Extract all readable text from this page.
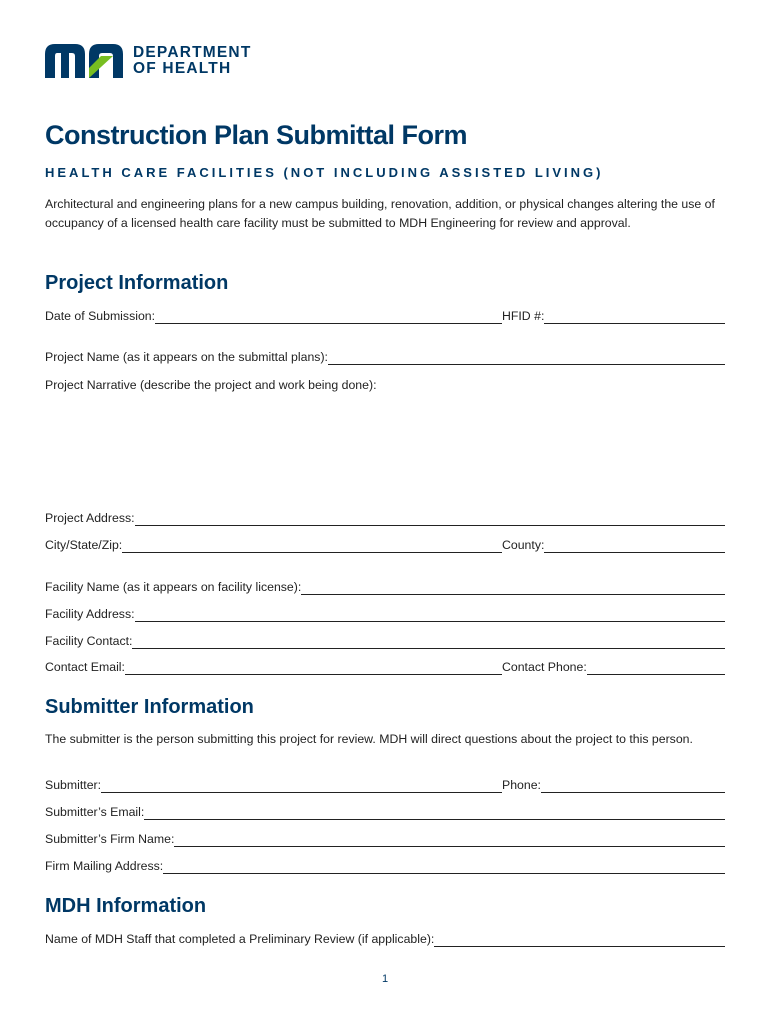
DEPARTMENT
OF HEALTH
Construction Plan Submittal Form
HEALTH CARE FACILITIES (NOT INCLUDING ASSISTED LIVING)
Architectural and engineering plans for a new campus building, renovation, addition, or physical changes altering the use of occupancy of a licensed health care facility must be submitted to MDH Engineering for review and approval.
Project Information
Date of Submission:	HFID #:
Project Name (as it appears on the submittal plans):
Project Narrative (describe the project and work being done):
Project Address:
City/State/Zip:	County:
Facility Name (as it appears on facility license):
Facility Address:
Facility Contact:
Contact Email:	Contact Phone:
Submitter Information
The submitter is the person submitting this project for review. MDH will direct questions about the project to this person.
Submitter:	Phone:
Submitter’s Email:
Submitter’s Firm Name:
Firm Mailing Address:
MDH Information
Name of MDH Staff that completed a Preliminary Review (if applicable):
1
